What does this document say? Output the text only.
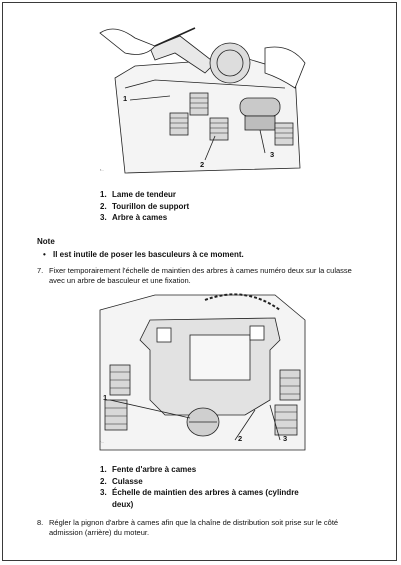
1
2
3
r...
1. Lame de tendeur
2. Tourillon de support
3. Arbre à cames
Note
• Il est inutile de poser les basculeurs à ce moment.
7. Fixer temporairement l'échelle de maintien des arbres à cames numéro deux sur la culasse avec un arbre de basculeur et une fixation.
1
2	3
r...
1. Fente d'arbre à cames
2. Culasse
3. Échelle de maintien des arbres à cames (cylindre deux)
8. Régler la pignon d'arbre à cames afin que la chaîne de distribution soit prise sur le côté admission (arrière) du moteur.
